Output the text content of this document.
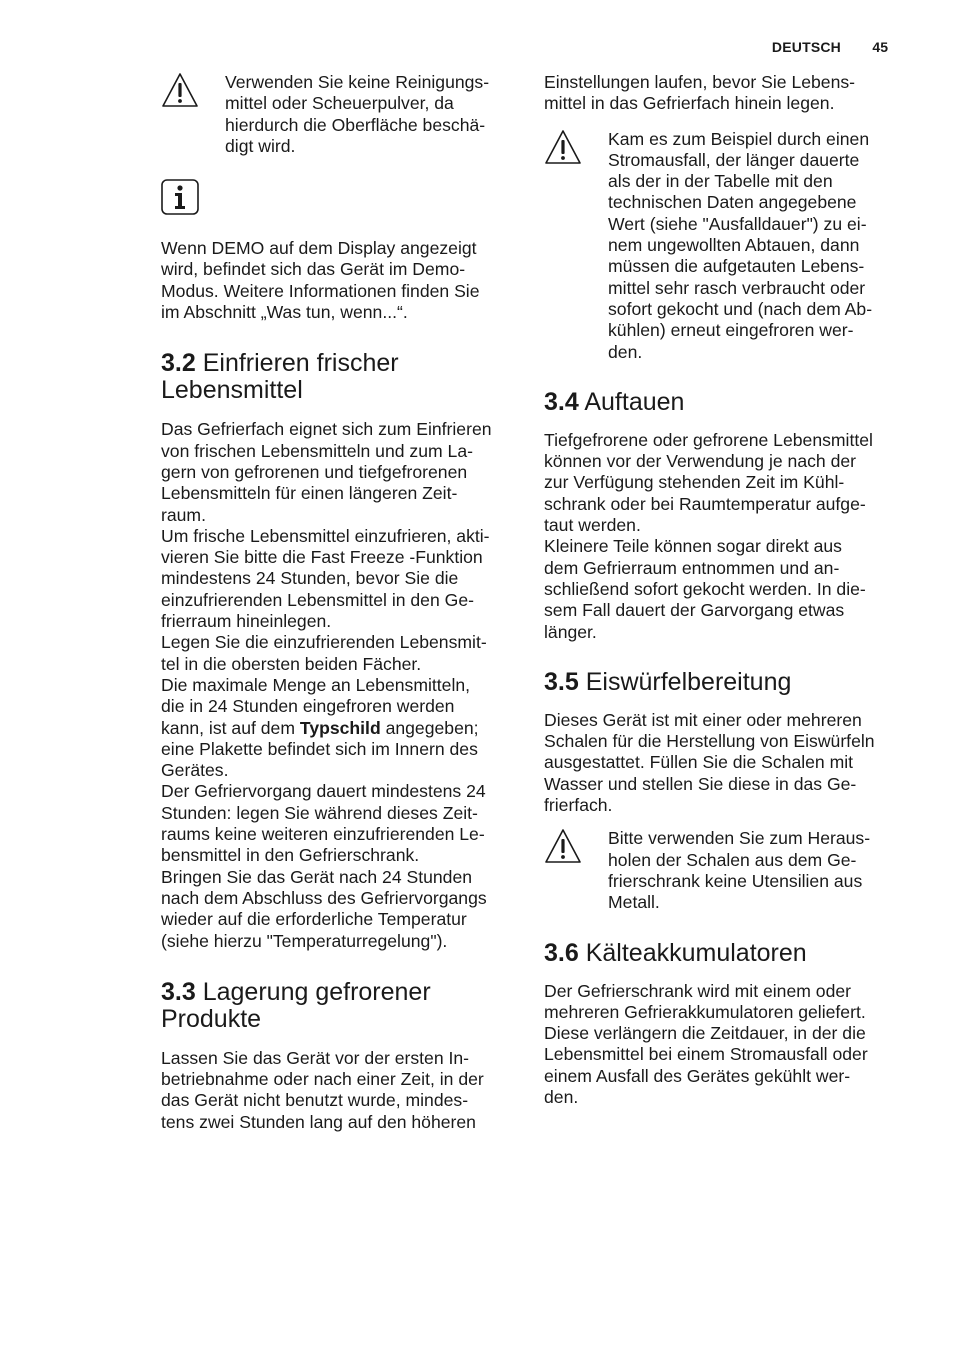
DEUTSCH 45

Verwenden Sie keine Reinigungs-
mittel oder Scheuerpulver, da
hierdurch die Oberfläche beschä-
digt wird.

Wenn DEMO auf dem Display angezeigt
wird, befindet sich das Gerät im Demo-
Modus. Weitere Informationen finden Sie
im Abschnitt „Was tun, wenn...“.

3.2 Einfrieren frischer
Lebensmittel

Das Gefrierfach eignet sich zum Einfrieren
von frischen Lebensmitteln und zum La-
gern von gefrorenen und tiefgefrorenen
Lebensmitteln für einen längeren Zeit-
raum.

Um frische Lebensmittel einzufrieren, akti-
vieren Sie bitte die Fast Freeze -Funktion
mindestens 24 Stunden, bevor Sie die
einzufrierenden Lebensmittel in den Ge-
frierraum hineinlegen.

Legen Sie die einzufrierenden Lebensmit-
tel in die obersten beiden Fächer.

Die maximale Menge an Lebensmitteln,
die in 24 Stunden eingefroren werden
kann, ist auf dem Typschild angegeben;
eine Plakette befindet sich im Innern des
Gerätes.

Der Gefriervorgang dauert mindestens 24
Stunden: legen Sie während dieses Zeit-
raums keine weiteren einzufrierenden Le-
bensmittel in den Gefrierschrank.

Bringen Sie das Gerät nach 24 Stunden
nach dem Abschluss des Gefriervorgangs
wieder auf die erforderliche Temperatur
(siehe hierzu "Temperaturregelung").

3.3 Lagerung gefrorener
Produkte

Lassen Sie das Gerät vor der ersten In-
betriebnahme oder nach einer Zeit, in der
das Gerät nicht benutzt wurde, mindes-
tens zwei Stunden lang auf den höheren

Einstellungen laufen, bevor Sie Lebens-
mittel in das Gefrierfach hinein legen.

Kam es zum Beispiel durch einen
Stromausfall, der länger dauerte
als der in der Tabelle mit den
technischen Daten angegebene
Wert (siehe "Ausfalldauer") zu ei-
nem ungewollten Abtauen, dann
müssen die aufgetauten Lebens-
mittel sehr rasch verbraucht oder
sofort gekocht und (nach dem Ab-
kühlen) erneut eingefroren wer-
den.

3.4 Auftauen

Tiefgefrorene oder gefrorene Lebensmittel
können vor der Verwendung je nach der
zur Verfügung stehenden Zeit im Kühl-
schrank oder bei Raumtemperatur aufge-
taut werden.

Kleinere Teile können sogar direkt aus
dem Gefrierraum entnommen und an-
schließend sofort gekocht werden. In die-
sem Fall dauert der Garvorgang etwas
länger.

3.5 Eiswürfelbereitung

Dieses Gerät ist mit einer oder mehreren
Schalen für die Herstellung von Eiswürfeln
ausgestattet. Füllen Sie die Schalen mit
Wasser und stellen Sie diese in das Ge-
frierfach.

Bitte verwenden Sie zum Heraus-
holen der Schalen aus dem Ge-
frierschrank keine Utensilien aus
Metall.

3.6 Kälteakkumulatoren

Der Gefrierschrank wird mit einem oder
mehreren Gefrierakkumulatoren geliefert.
Diese verlängern die Zeitdauer, in der die
Lebensmittel bei einem Stromausfall oder
einem Ausfall des Gerätes gekühlt wer-
den.
